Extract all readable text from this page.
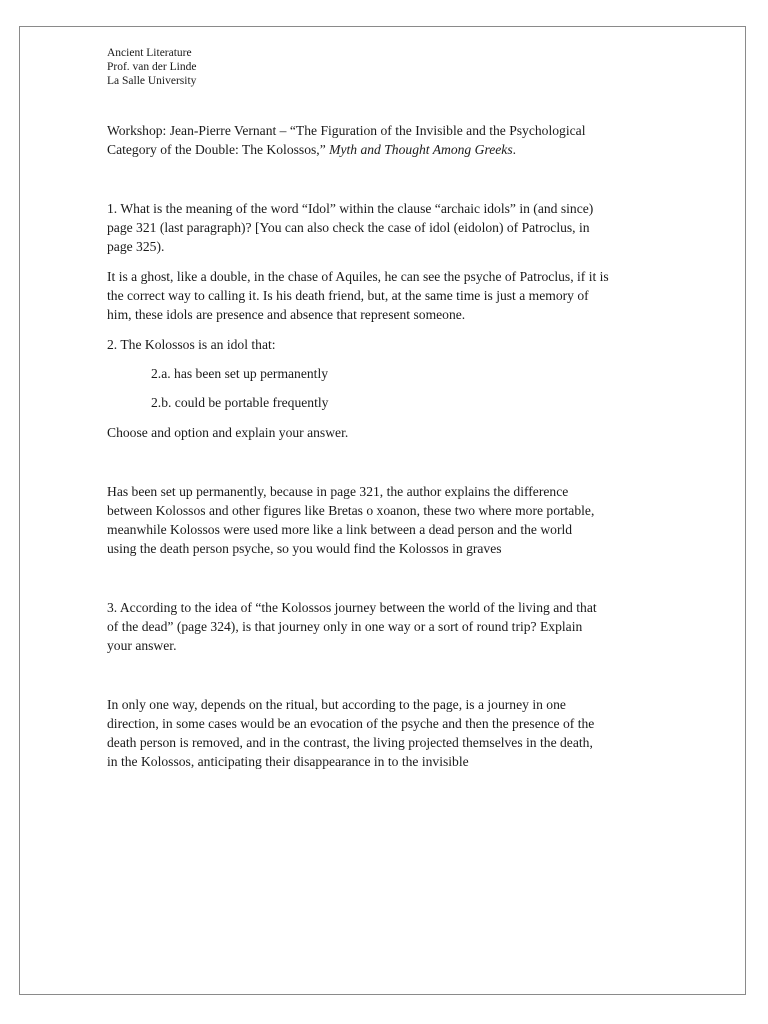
Ancient Literature

Prof. van der Linde

La Salle University

Workshop: Jean-Pierre Vernant – “The Figuration of the Invisible and the Psychological

Category of the Double: The Kolossos,” Myth and Thought Among Greeks.

1. What is the meaning of the word “Idol” within the clause “archaic idols” in (and since)

page 321 (last paragraph)? [You can also check the case of idol (eidolon) of Patroclus, in

page 325).

It is a ghost, like a double, in the chase of Aquiles, he can see the psyche of Patroclus, if it is

the correct way to calling it. Is his death friend, but, at the same time is just a memory of

him, these idols are presence and absence that represent someone.

2. The Kolossos is an idol that:

2.a. has been set up permanently

2.b. could be portable frequently

Choose and option and explain your answer.

Has been set up permanently, because in page 321, the author explains the difference

between Kolossos and other figures like Bretas o xoanon, these two where more portable,

meanwhile Kolossos were used more like a link between a dead person and the world

using the death person psyche, so you would find the Kolossos in graves

3. According to the idea of “the Kolossos journey between the world of the living and that

of the dead” (page 324), is that journey only in one way or a sort of round trip? Explain

your answer.

In only one way, depends on the ritual, but according to the page, is a journey in one

direction, in some cases would be an evocation of the psyche and then the presence of the

death person is removed, and in the contrast, the living projected themselves in the death,

in the Kolossos, anticipating their disappearance in to the invisible
